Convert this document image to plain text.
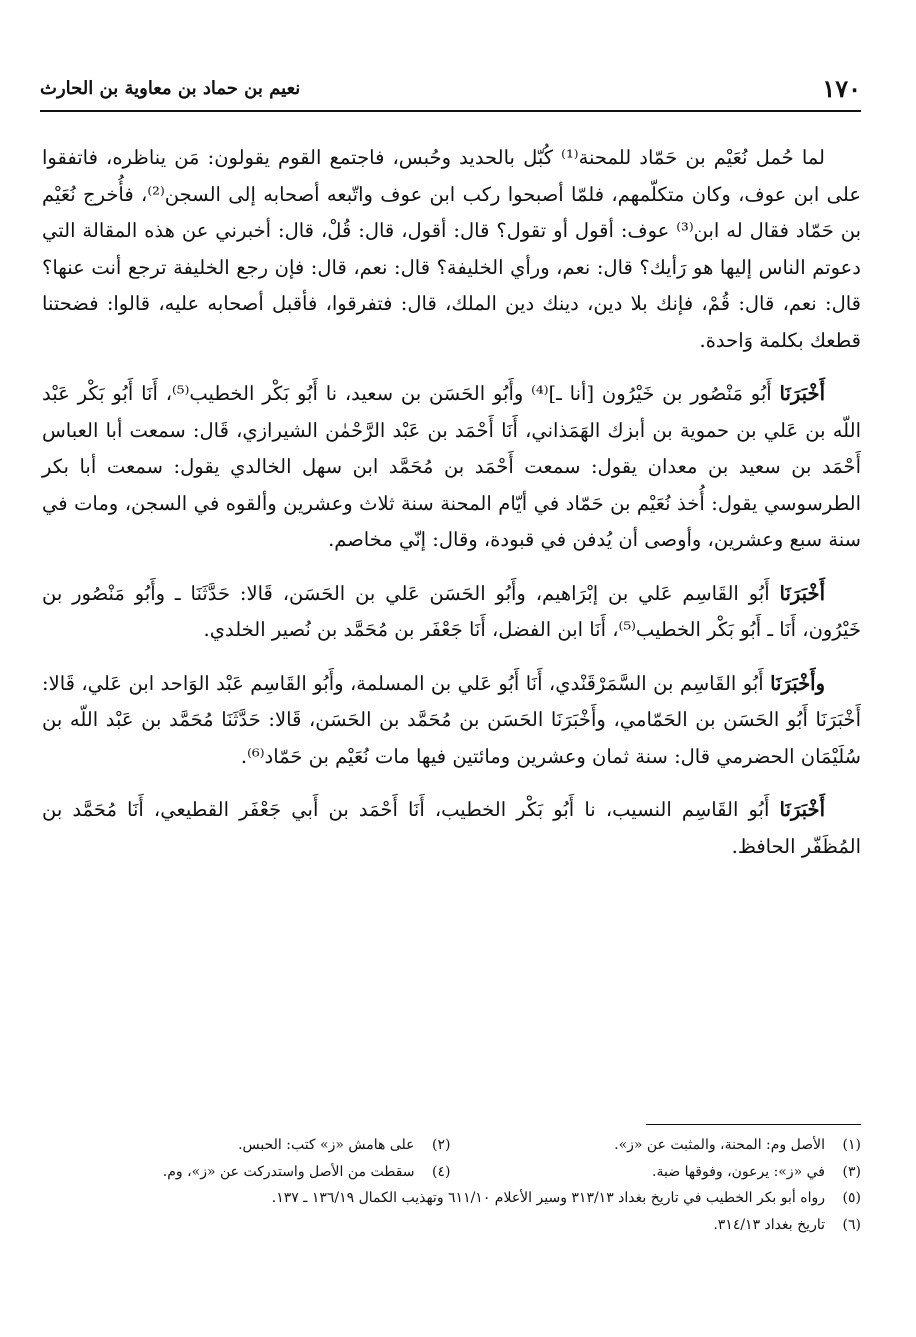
١٧٠
نعيم بن حماد بن معاوية بن الحارث

لما حُمل نُعَيْم بن حَمّاد للمحنة⁽¹⁾ كُبّل بالحديد وحُبس، فاجتمع القوم يقولون: مَن يناظره، فاتفقوا على ابن عوف، وكان متكلّمهم، فلمّا أصبحوا ركب ابن عوف واتّبعه أصحابه إلى السجن⁽²⁾، فأُخرج نُعَيْم بن حَمّاد فقال له ابن⁽³⁾ عوف: أقول أو تقول؟ قال: أقول، قال: قُلْ، قال: أخبرني عن هذه المقالة التي دعوتم الناس إليها هو رَأيك؟ قال: نعم، ورأي الخليفة؟ قال: نعم، قال: فإن رجع الخليفة ترجع أنت عنها؟ قال: نعم، قال: قُمْ، فإنك بلا دين، دينك دين الملك، قال: فتفرقوا، فأقبل أصحابه عليه، قالوا: فضحتنا قطعك بكلمة وَاحدة.

أَخْبَرَنَا أَبُو مَنْصُور بن خَيْرُون [أنا ـ]⁽⁴⁾ وأَبُو الحَسَن بن سعيد، نا أَبُو بَكْر الخطيب⁽⁵⁾، أَنَا أَبُو بَكْر عَبْد اللّه بن عَلي بن حموية بن أبزك الهَمَذاني، أَنَا أَحْمَد بن عَبْد الرَّحْمٰن الشيرازي، قَال: سمعت أبا العباس أَحْمَد بن سعيد بن معدان يقول: سمعت أَحْمَد بن مُحَمَّد ابن سهل الخالدي يقول: سمعت أبا بكر الطرسوسي يقول: أُخذ نُعَيْم بن حَمّاد في أيّام المحنة سنة ثلاث وعشرين وألقوه في السجن، ومات في سنة سبع وعشرين، وأوصى أن يُدفن في قبودة، وقال: إنّي مخاصم.

أَخْبَرَنَا أَبُو القَاسِم عَلي بن إبْرَاهيم، وأَبُو الحَسَن عَلي بن الحَسَن، قَالا: حَدَّثَنَا ـ وأَبُو مَنْصُور بن خَيْرُون، أَنَا ـ أَبُو بَكْر الخطيب⁽⁵⁾، أَنَا ابن الفضل، أَنَا جَعْفَر بن مُحَمَّد بن نُصير الخلدي.

وأَخْبَرَنَا أَبُو القَاسِم بن السَّمَرْقَنْدي، أَنَا أَبُو عَلي بن المسلمة، وأَبُو القَاسِم عَبْد الوَاحد ابن عَلي، قَالا: أَخْبَرَنَا أَبُو الحَسَن بن الحَمّامي، وأَخْبَرَنَا الحَسَن بن مُحَمَّد بن الحَسَن، قَالا: حَدَّثَنَا مُحَمَّد بن عَبْد اللّه بن سُلَيْمَان الحضرمي قال: سنة ثمان وعشرين ومائتين فيها مات نُعَيْم بن حَمّاد⁽⁶⁾.

أَخْبَرَنَا أَبُو القَاسِم النسيب، نا أَبُو بَكْر الخطيب، أَنَا أَحْمَد بن أَبي جَعْفَر القطيعي، أَنَا مُحَمَّد بن المُظَفّر الحافظ.

(١)
الأصل وم: المحنة، والمثبت عن «ز».
(٢)
على هامش «ز» كتب: الحبس.
(٣)
في «ز»: يرعون، وفوقها ضبة.
(٤)
سقطت من الأصل واستدركت عن «ز»، وم.
(٥)
رواه أبو بكر الخطيب في تاريخ بغداد ٣١٣/١٣ وسير الأعلام ٦١١/١٠ وتهذيب الكمال ١٣٦/١٩ ـ ١٣٧.
(٦)
تاريخ بغداد ٣١٤/١٣.
